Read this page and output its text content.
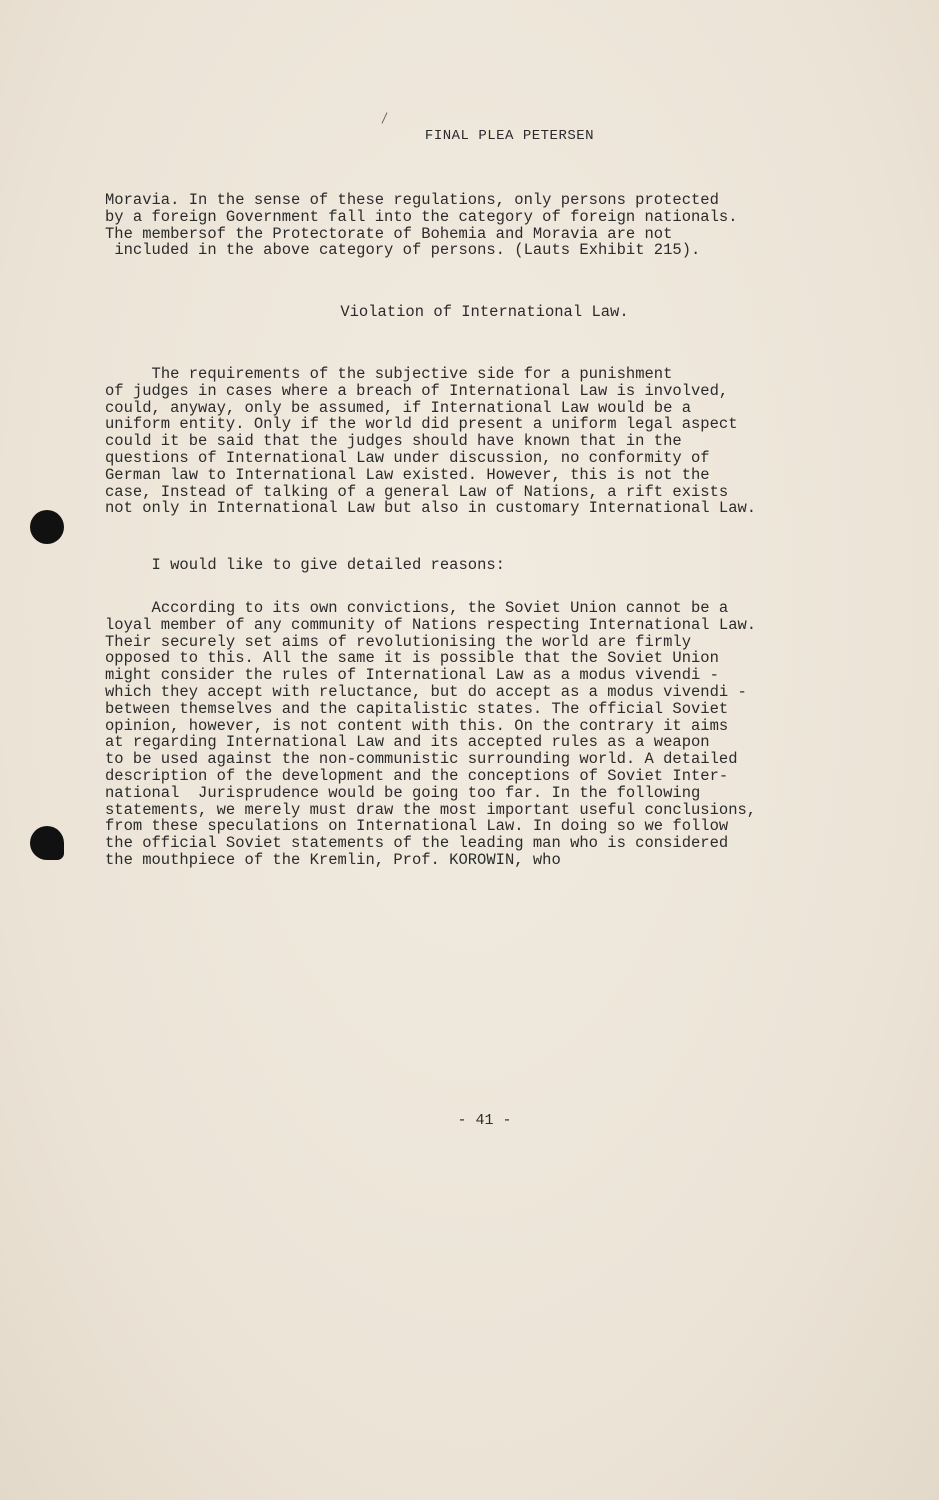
FINAL PLEA PETERSEN
Moravia. In the sense of these regulations, only persons protected
by a foreign Government fall into the category of foreign nationals.
The membersof the Protectorate of Bohemia and Moravia are not
included in the above category of persons. (Lauts Exhibit 215).
Violation of International Law.
The requirements of the subjective side for a punishment
of judges in cases where a breach of International Law is involved,
could, anyway, only be assumed, if International Law would be a
uniform entity. Only if the world did present a uniform legal aspect
could it be said that the judges should have known that in the
questions of International Law under discussion, no conformity of
German law to International Law existed. However, this is not the
case, Instead of talking of a general Law of Nations, a rift exists
not only in International Law but also in customary International Law.
I would like to give detailed reasons:
According to its own convictions, the Soviet Union cannot be a
loyal member of any community of Nations respecting International Law.
Their securely set aims of revolutionising the world are firmly
opposed to this. All the same it is possible that the Soviet Union
might consider the rules of International Law as a modus vivendi -
which they accept with reluctance, but do accept as a modus vivendi -
between themselves and the capitalistic states. The official Soviet
opinion, however, is not content with this. On the contrary it aims
at regarding International Law and its accepted rules as a weapon
to be used against the non-communistic surrounding world. A detailed
description of the development and the conceptions of Soviet Inter-
national  Jurisprudence would be going too far. In the following
statements, we merely must draw the most important useful conclusions,
from these speculations on International Law. In doing so we follow
the official Soviet statements of the leading man who is considered
the mouthpiece of the Kremlin, Prof. KOROWIN, who
- 41 -
